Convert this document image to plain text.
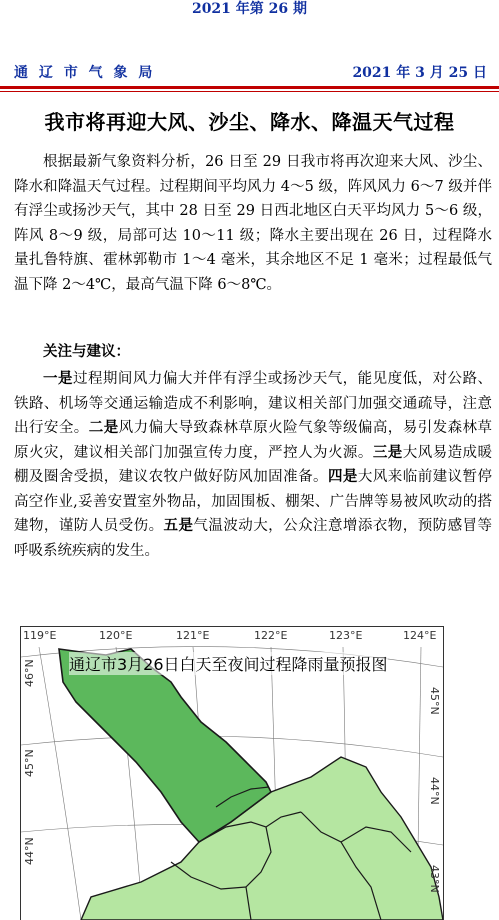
2021 年第 26 期
通 辽 市 气 象 局	2021 年 3 月 25 日
我市将再迎大风、沙尘、降水、降温天气过程

根据最新气象资料分析，26 日至 29 日我市将再次迎来大风、沙尘、降水和降温天气过程。过程期间平均风力 4～5 级，阵风风力 6～7 级并伴有浮尘或扬沙天气，其中 28 日至 29 日西北地区白天平均风力 5～6 级，阵风 8～9 级，局部可达 10～11 级；降水主要出现在 26 日，过程降水量扎鲁特旗、霍林郭勒市 1～4 毫米，其余地区不足 1 毫米；过程最低气温下降 2～4℃，最高气温下降 6～8℃。

关注与建议：

一是过程期间风力偏大并伴有浮尘或扬沙天气，能见度低，对公路、铁路、机场等交通运输造成不利影响，建议相关部门加强交通疏导，注意出行安全。二是风力偏大导致森林草原火险气象等级偏高，易引发森林草原火灾，建议相关部门加强宣传力度，严控人为火源。三是大风易造成暖棚及圈舍受损，建议农牧户做好防风加固准备。四是大风来临前建议暂停高空作业,妥善安置室外物品，加固围板、棚架、广告牌等易被风吹动的搭建物，谨防人员受伤。五是气温波动大，公众注意增添衣物，预防感冒等呼吸系统疾病的发生。

通辽市3月26日白天至夜间过程降雨量预报图
119°E	120°E	121°E	122°E	123°E	124°E
46°N
45°N
44°N
45°N
44°N
43°N
